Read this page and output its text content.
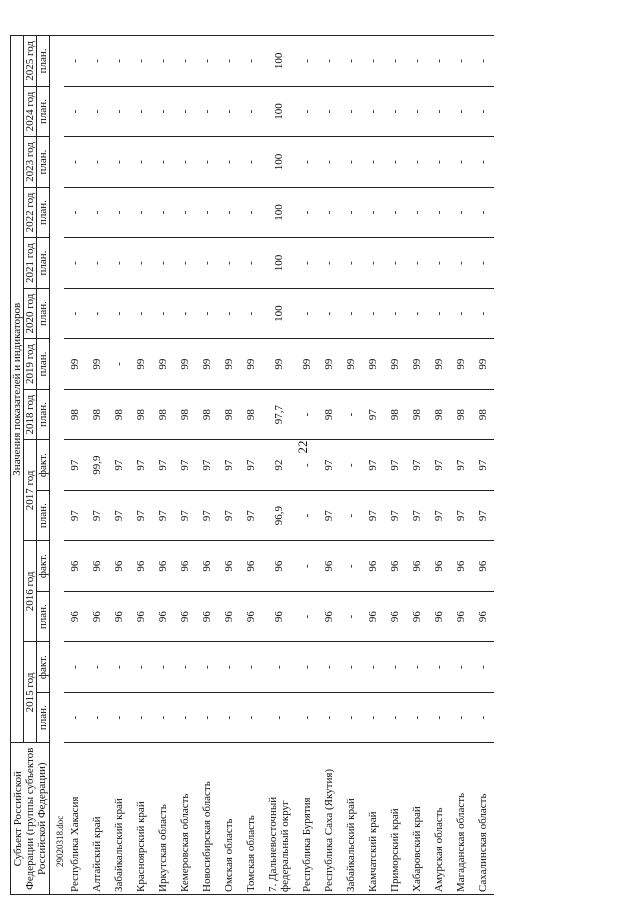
22
29020318.doc
Субъект Российской Федерации (группы субъектов Российской Федерации)	Значения показателей и индикаторов													
	2015 год		2016 год		2017 год		2018 год	2019 год	2020 год	2021 год	2022 год	2023 год	2024 год	2025 год
	план.	факт.	план.	факт.	план.	факт.	план.	план.	план.	план.	план.	план.	план.	план.

Республика Хакасия	-	-	96	96	97	97	98	99	-	-	-	-	-	-
Алтайский край	-	-	96	96	97	99,9	98	99	-	-	-	-	-	-
Забайкальский край	-	-	96	96	97	97	98	-	-	-	-	-	-	-
Красноярский край	-	-	96	96	97	97	98	99	-	-	-	-	-	-
Иркутская область	-	-	96	96	97	97	98	99	-	-	-	-	-	-
Кемеровская область	-	-	96	96	97	97	98	99	-	-	-	-	-	-
Новосибирская область	-	-	96	96	97	97	98	99	-	-	-	-	-	-
Омская область	-	-	96	96	97	97	98	99	-	-	-	-	-	-
Томская область	-	-	96	96	97	97	98	99	-	-	-	-	-	-
7. Дальневосточный федеральный округ	-	-	96	96	96,9	92	97,7	99	100	100	100	100	100	100
Республика Бурятия	-	-	-	-	-	-	-	99	-	-	-	-	-	-
Республика Саха (Якутия)	-	-	96	96	97	97	98	99	-	-	-	-	-	-
Забайкальский край	-	-	-	-	-	-	-	99	-	-	-	-	-	-
Камчатский край	-	-	96	96	97	97	97	99	-	-	-	-	-	-
Приморский край	-	-	96	96	97	97	98	99	-	-	-	-	-	-
Хабаровский край	-	-	96	96	97	97	98	99	-	-	-	-	-	-
Амурская область	-	-	96	96	97	97	98	99	-	-	-	-	-	-
Магаданская область	-	-	96	96	97	97	98	99	-	-	-	-	-	-
Сахалинская область	-	-	96	96	97	97	98	99	-	-	-	-	-	-
